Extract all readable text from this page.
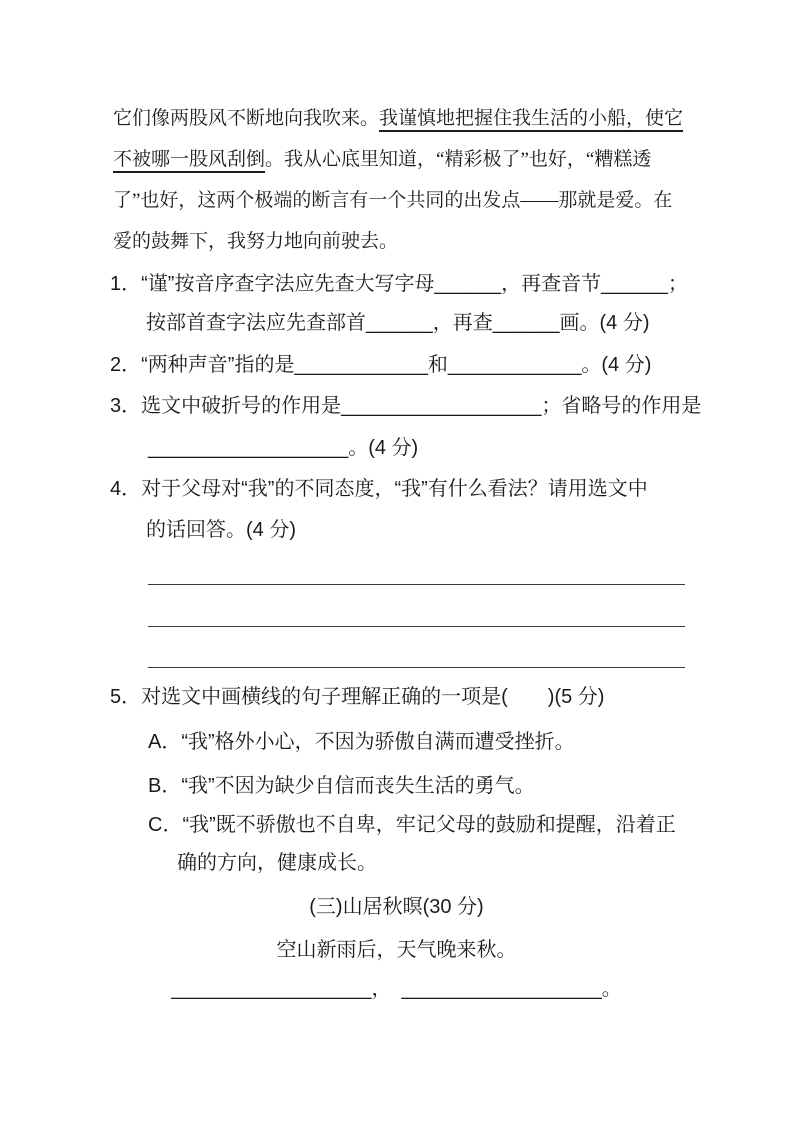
它们像两股风不断地向我吹来。我谨慎地把握住我生活的小船，使它
不被哪一股风刮倒。我从心底里知道，“精彩极了”也好，“糟糕透
了”也好，这两个极端的断言有一个共同的出发点——那就是爱。在
爱的鼓舞下，我努力地向前驶去。
1．“谨”按音序查字法应先查大写字母______，再查音节______；
按部首查字法应先查部首______，再查______画。(4 分)
2．“两种声音”指的是____________和____________。(4 分)
3．选文中破折号的作用是__________________；省略号的作用是
__________________。(4 分)
4．对于父母对“我”的不同态度，“我”有什么看法？请用选文中
的话回答。(4 分)
5．对选文中画横线的句子理解正确的一项是(　　)(5 分)
A．“我”格外小心，不因为骄傲自满而遭受挫折。
B．“我”不因为缺少自信而丧失生活的勇气。
C．“我”既不骄傲也不自卑，牢记父母的鼓励和提醒，沿着正
确的方向，健康成长。
(三)山居秋暝(30 分)
空山新雨后，天气晚来秋。
__________________，　__________________。
